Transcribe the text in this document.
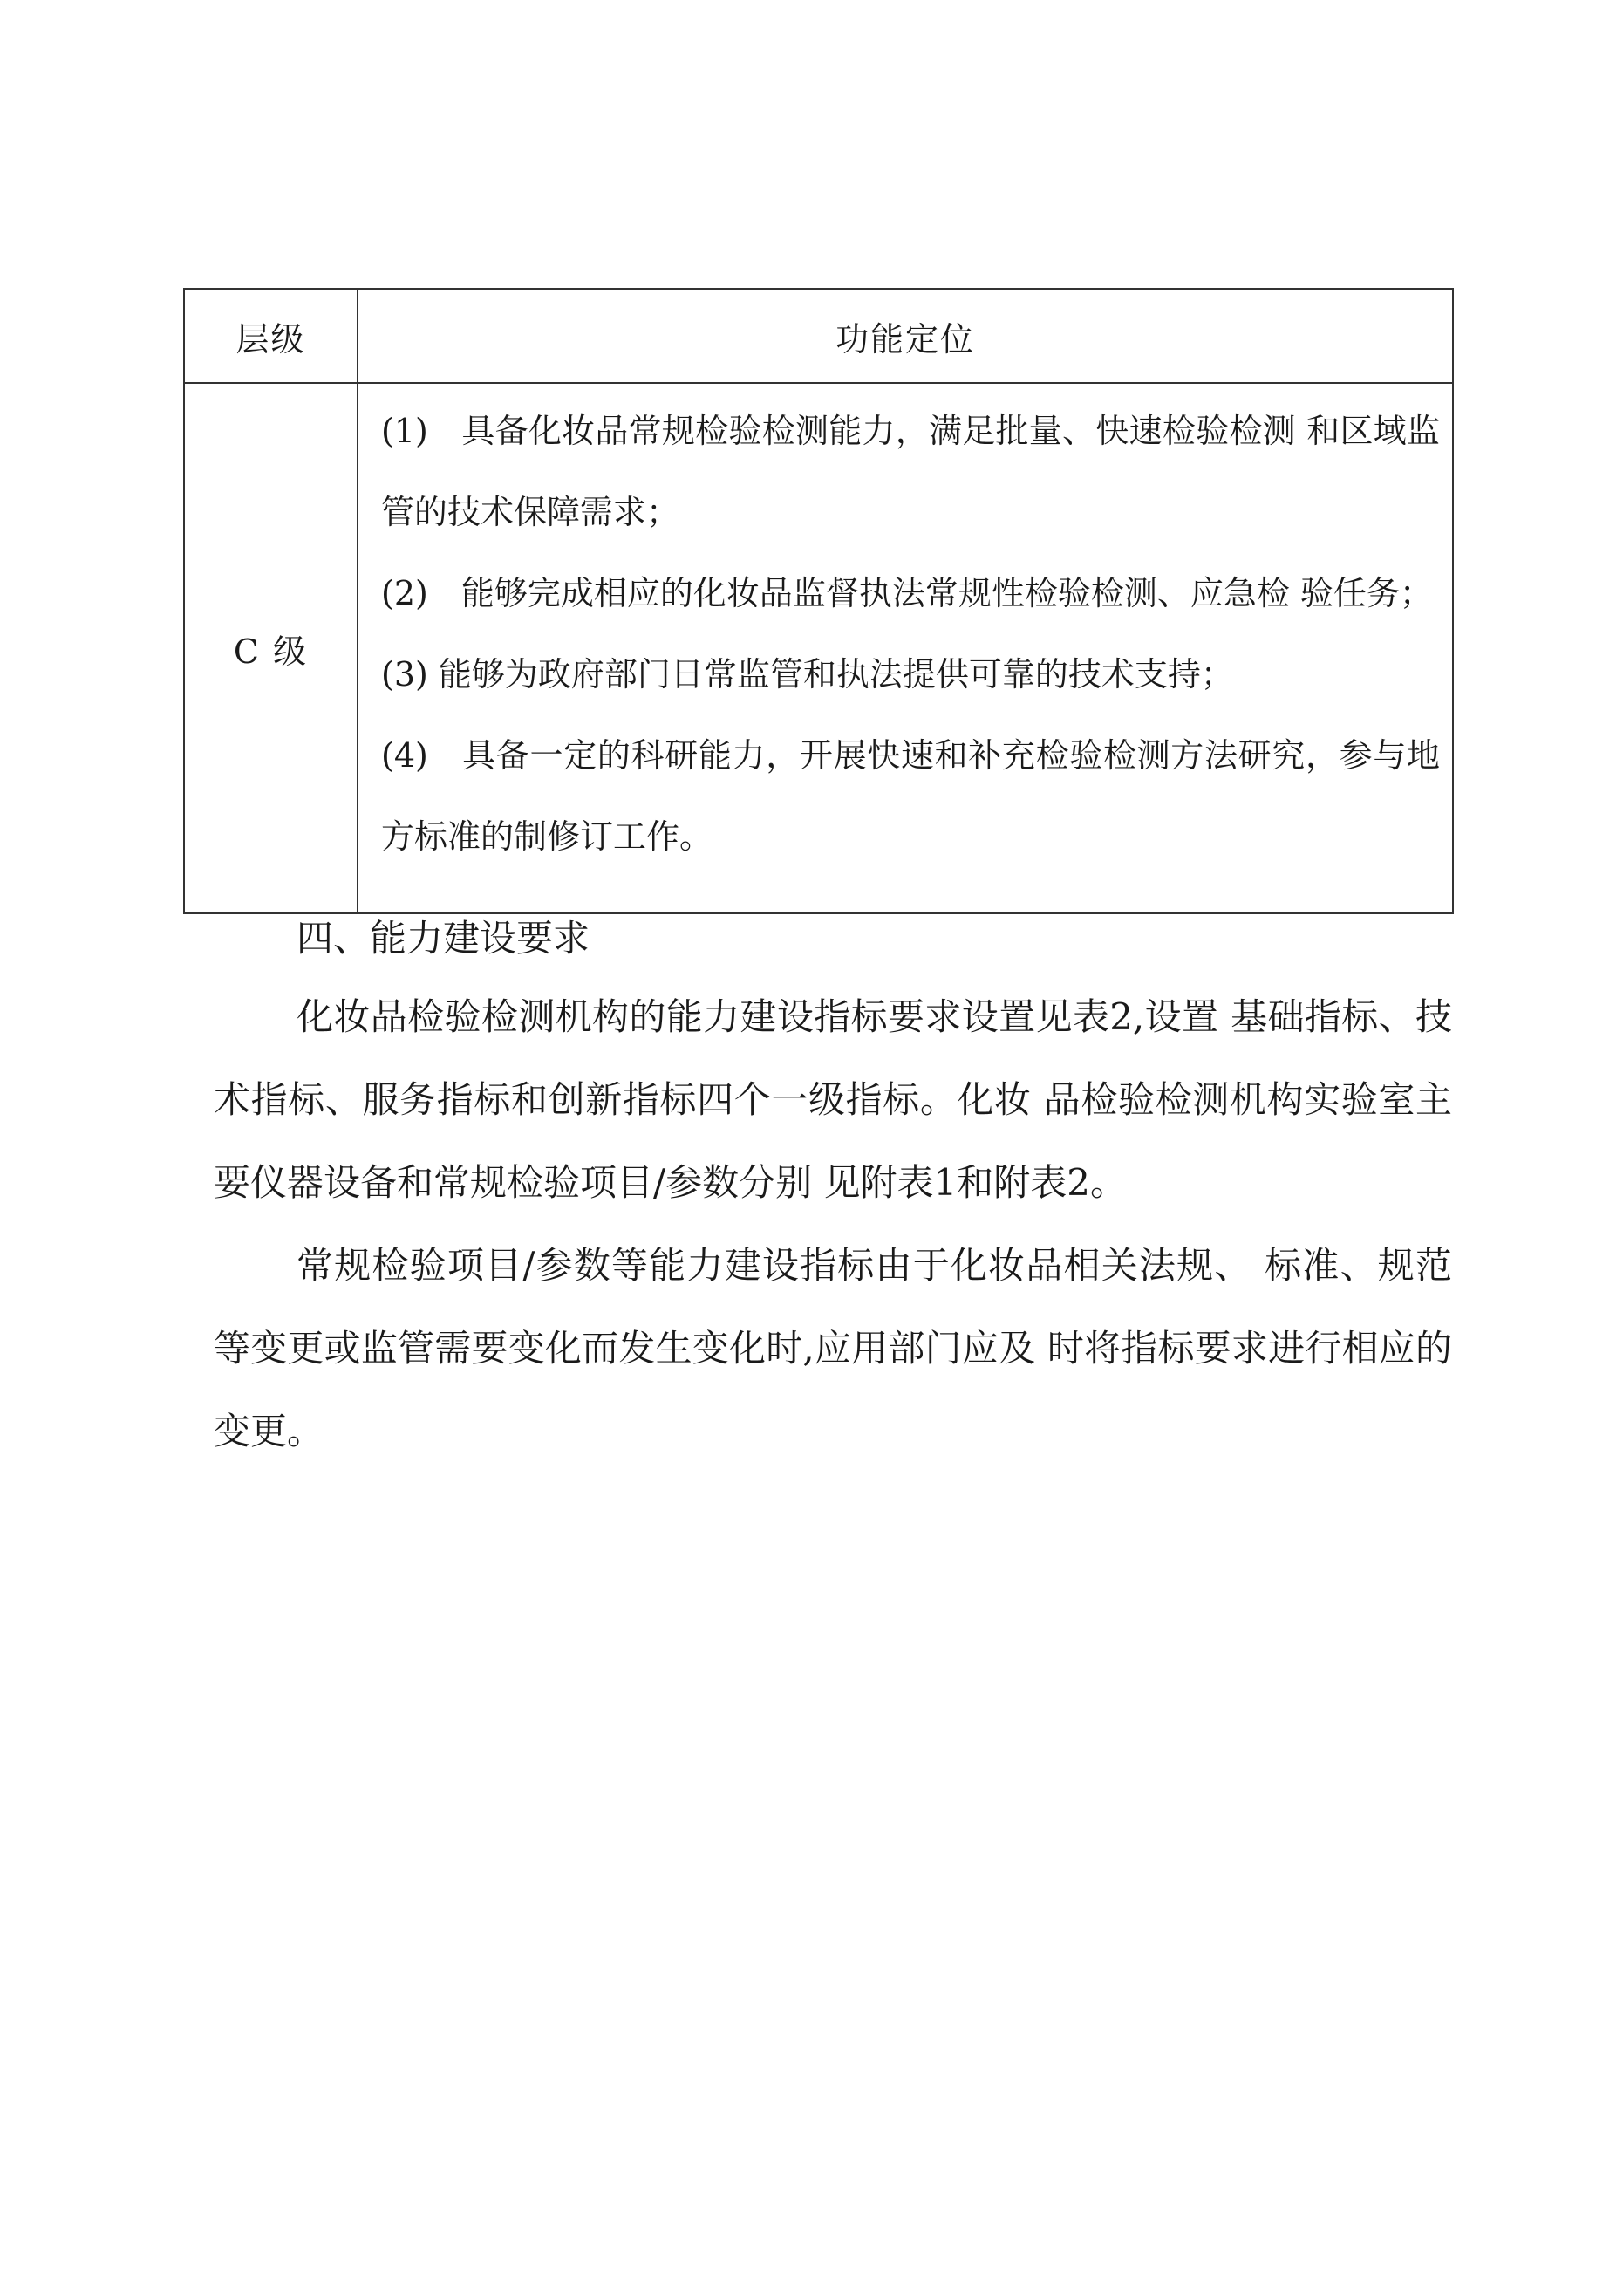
层级	功能定位
C 级

(1)　具备化妆品常规检验检测能力，满足批量、快速检验检测 和区域监管的技术保障需求；

(2)　能够完成相应的化妆品监督执法常规性检验检测、应急检 验任务；

(3) 能够为政府部门日常监管和执法提供可靠的技术支持；

(4)　具备一定的科研能力，开展快速和补充检验检测方法研究，参与地方标准的制修订工作。

四、能力建设要求

化妆品检验检测机构的能力建设指标要求设置见表2,设置 基础指标、技术指标、服务指标和创新指标四个一级指标。化妆 品检验检测机构实验室主要仪器设备和常规检验项目/参数分别 见附表1和附表2。

常规检验项目/参数等能力建设指标由于化妆品相关法规、 标准、规范等变更或监管需要变化而发生变化时,应用部门应及 时将指标要求进行相应的变更。
